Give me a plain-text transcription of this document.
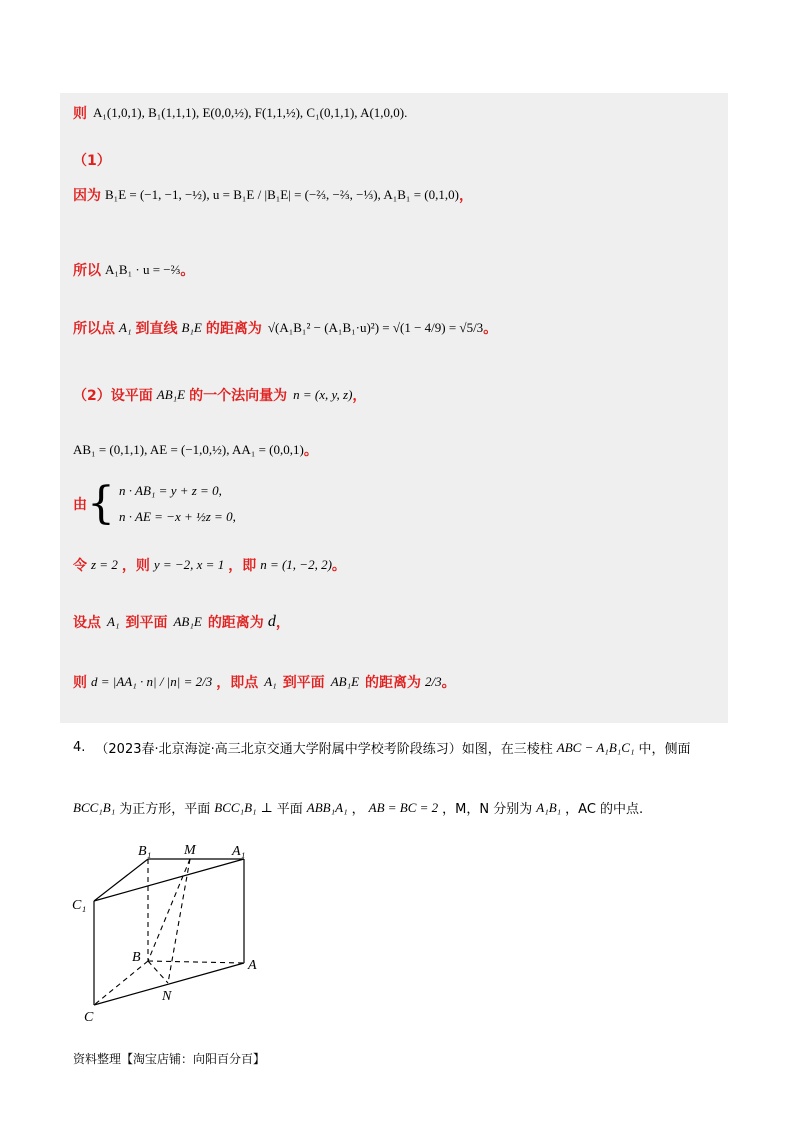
则 A₁(1,0,1), B₁(1,1,1), E(0,0,½), F(1,1,½), C₁(0,1,1), A(1,0,0).
（1）
因为 B₁E = (−1, −1, −½), u = B₁E / |B₁E| = (−⅔, −⅔, −⅓), A₁B₁ = (0,1,0) ，
所以 A₁B₁ · u = −⅔ 。
所以点 A₁ 到直线 B₁E 的距离为 √(A₁B₁² − (A₁B₁·u)²) = √(1 − 4/9) = √5/3 。
（2）设平面 AB₁E 的一个法向量为 n = (x, y, z) ，
AB₁ = (0,1,1), AE = (−1,0,½), AA₁ = (0,0,1) 。
由 { n · AB₁ = y + z = 0,
n · AE = −x + ½z = 0,
令 z = 2 ，则 y = −2, x = 1 ，即 n = (1, −2, 2) 。
设点 A₁ 到平面 AB₁E 的距离为 d ，
则 d = |AA₁ · n| / |n| = 2/3 ，即点 A₁ 到平面 AB₁E 的距离为 2/3 。
4. （2023春·北京海淀·高三北京交通大学附属中学校考阶段练习）如图，在三棱柱 ABC − A₁B₁C₁ 中，侧面
BCC₁B₁ 为正方形，平面 BCC₁B₁ ⊥ 平面 ABB₁A₁ ， AB = BC = 2 ，M，N 分别为 A₁B₁ ，AC 的中点.
B₁ M	A₁
C₁
B
A
N
C
资料整理【淘宝店铺：向阳百分百】
